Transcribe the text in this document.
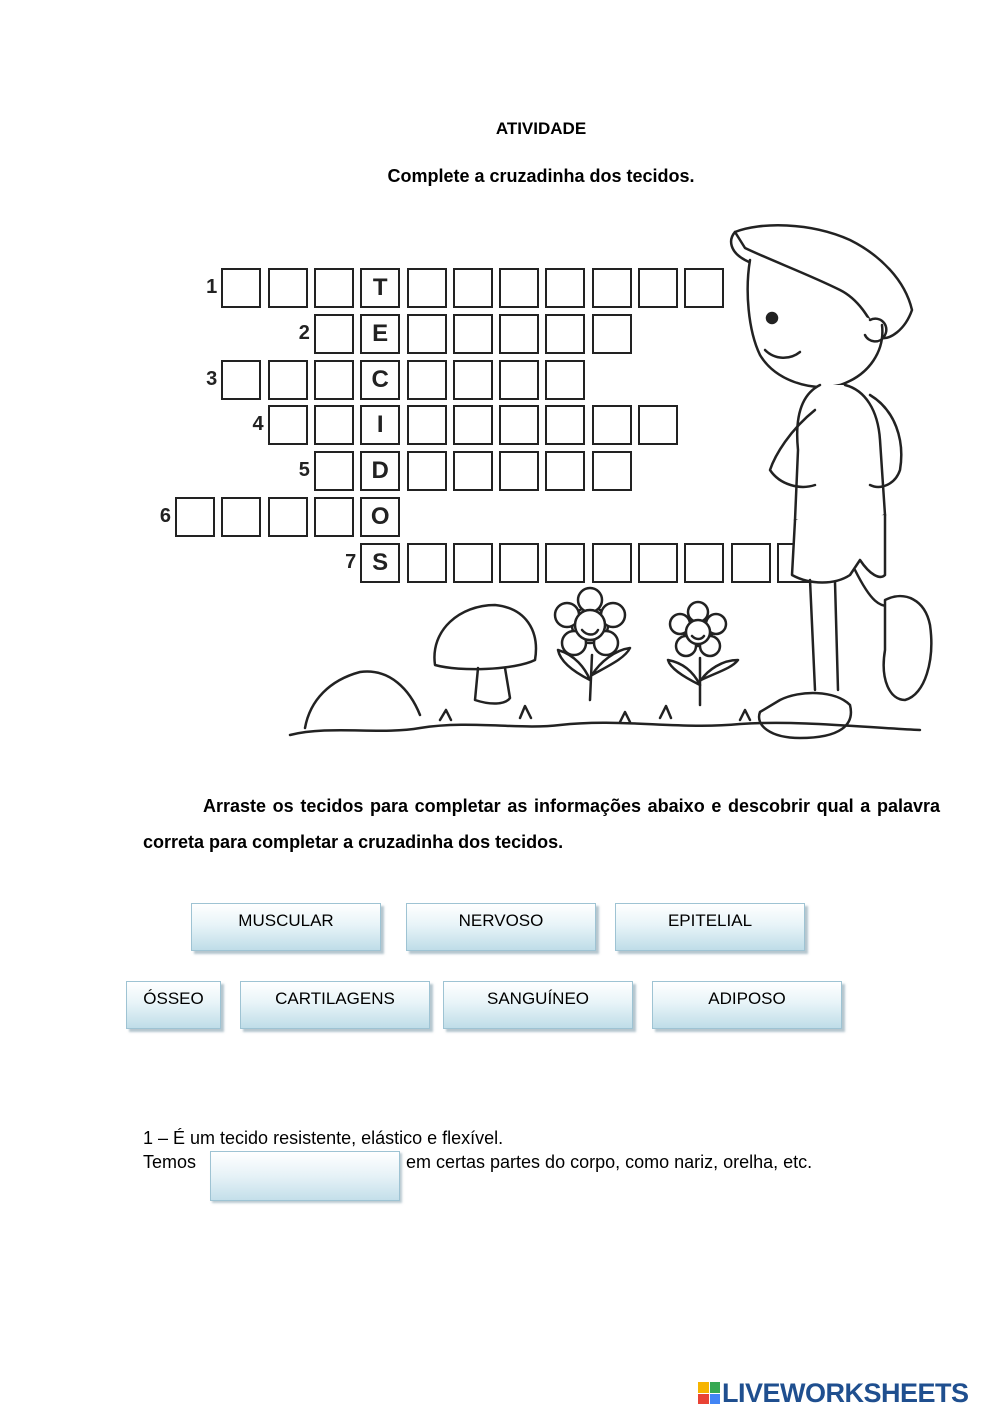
ATIVIDADE
Complete a cruzadinha dos tecidos.
1	T
2	E
3	C
4	I
5	D
6	O
7 S
Arraste os tecidos para completar as informações abaixo e descobrir qual a palavra correta para completar a cruzadinha dos tecidos.
MUSCULAR	NERVOSO	EPITELIAL
ÓSSEO	CARTILAGENS	SANGUÍNEO	ADIPOSO
1 – É um tecido resistente, elástico e flexível.
Temos	em certas partes do corpo, como nariz, orelha, etc.
LIVEWORKSHEETS
